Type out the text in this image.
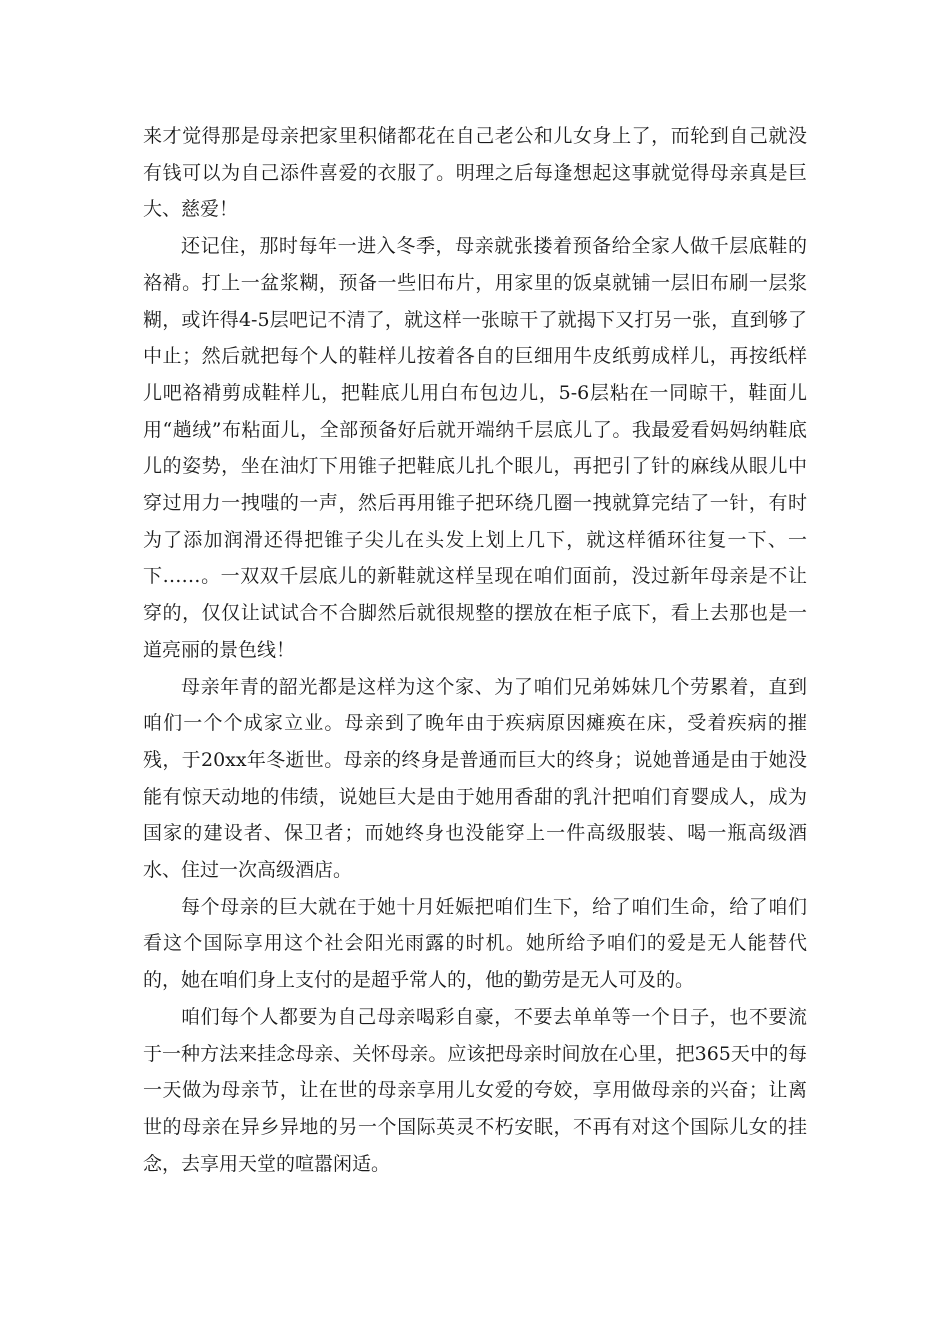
来才觉得那是母亲把家里积储都花在自己老公和儿女身上了，而轮到自己就没有钱可以为自己添件喜爱的衣服了。明理之后每逢想起这事就觉得母亲真是巨大、慈爱！

还记住，那时每年一进入冬季，母亲就张搂着预备给全家人做千层底鞋的袼褙。打上一盆浆糊，预备一些旧布片，用家里的饭桌就铺一层旧布刷一层浆糊，或许得4-5层吧记不清了，就这样一张晾干了就揭下又打另一张，直到够了中止；然后就把每个人的鞋样儿按着各自的巨细用牛皮纸剪成样儿，再按纸样儿吧袼褙剪成鞋样儿，把鞋底儿用白布包边儿，5-6层粘在一同晾干，鞋面儿用“趟绒”布粘面儿，全部预备好后就开端纳千层底儿了。我最爱看妈妈纳鞋底儿的姿势，坐在油灯下用锥子把鞋底儿扎个眼儿，再把引了针的麻线从眼儿中穿过用力一拽嗤的一声，然后再用锥子把环绕几圈一拽就算完结了一针，有时为了添加润滑还得把锥子尖儿在头发上划上几下，就这样循环往复一下、一下……。一双双千层底儿的新鞋就这样呈现在咱们面前，没过新年母亲是不让穿的，仅仅让试试合不合脚然后就很规整的摆放在柜子底下，看上去那也是一道亮丽的景色线！

母亲年青的韶光都是这样为这个家、为了咱们兄弟姊妹几个劳累着，直到咱们一个个成家立业。母亲到了晚年由于疾病原因瘫痪在床，受着疾病的摧残，于20xx年冬逝世。母亲的终身是普通而巨大的终身；说她普通是由于她没能有惊天动地的伟绩，说她巨大是由于她用香甜的乳汁把咱们育婴成人，成为国家的建设者、保卫者；而她终身也没能穿上一件高级服装、喝一瓶高级酒水、住过一次高级酒店。

每个母亲的巨大就在于她十月妊娠把咱们生下，给了咱们生命，给了咱们看这个国际享用这个社会阳光雨露的时机。她所给予咱们的爱是无人能替代的，她在咱们身上支付的是超乎常人的，他的勤劳是无人可及的。

咱们每个人都要为自己母亲喝彩自豪，不要去单单等一个日子，也不要流于一种方法来挂念母亲、关怀母亲。应该把母亲时间放在心里，把365天中的每一天做为母亲节，让在世的母亲享用儿女爱的夸姣，享用做母亲的兴奋；让离世的母亲在异乡异地的另一个国际英灵不朽安眠，不再有对这个国际儿女的挂念，去享用天堂的喧嚣闲适。
